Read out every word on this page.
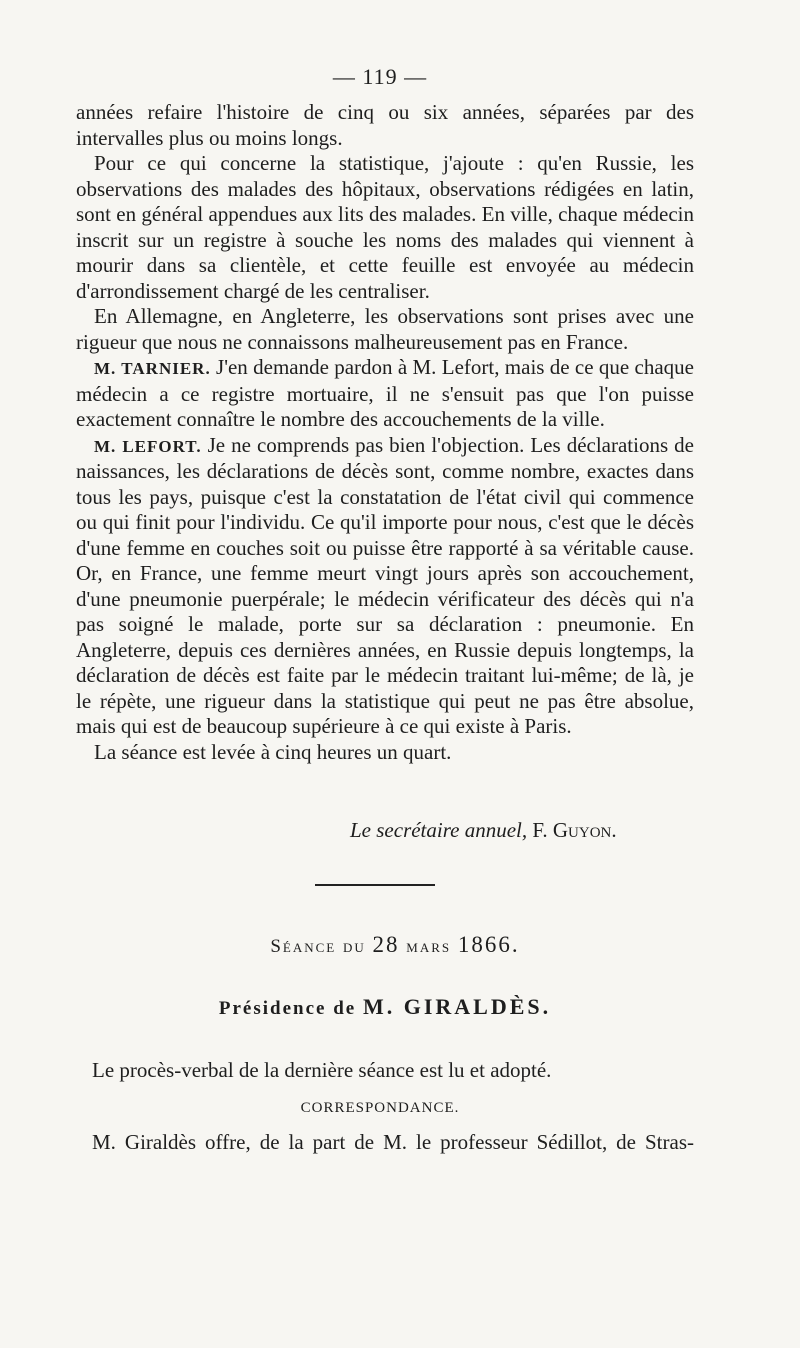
— 119 —

années refaire l'histoire de cinq ou six années, séparées par des intervalles plus ou moins longs.

Pour ce qui concerne la statistique, j'ajoute : qu'en Russie, les observations des malades des hôpitaux, observations rédigées en latin, sont en général appendues aux lits des malades. En ville, chaque médecin inscrit sur un registre à souche les noms des malades qui viennent à mourir dans sa clientèle, et cette feuille est envoyée au médecin d'arrondissement chargé de les centraliser.

En Allemagne, en Angleterre, les observations sont prises avec une rigueur que nous ne connaissons malheureusement pas en France.

M. TARNIER. J'en demande pardon à M. Lefort, mais de ce que chaque médecin a ce registre mortuaire, il ne s'ensuit pas que l'on puisse exactement connaître le nombre des accouchements de la ville.

M. LEFORT. Je ne comprends pas bien l'objection. Les déclarations de naissances, les déclarations de décès sont, comme nombre, exactes dans tous les pays, puisque c'est la constatation de l'état civil qui commence ou qui finit pour l'individu. Ce qu'il importe pour nous, c'est que le décès d'une femme en couches soit ou puisse être rapporté à sa véritable cause. Or, en France, une femme meurt vingt jours après son accouchement, d'une pneumonie puerpérale; le médecin vérificateur des décès qui n'a pas soigné le malade, porte sur sa déclaration : pneumonie. En Angleterre, depuis ces dernières années, en Russie depuis longtemps, la déclaration de décès est faite par le médecin traitant lui-même; de là, je le répète, une rigueur dans la statistique qui peut ne pas être absolue, mais qui est de beaucoup supérieure à ce qui existe à Paris.

La séance est levée à cinq heures un quart.

Le secrétaire annuel, F. Guyon.
Séance du 28 mars 1866.
Présidence de M. GIRALDÈS.
Le procès-verbal de la dernière séance est lu et adopté.
CORRESPONDANCE.
M. Giraldès offre, de la part de M. le professeur Sédillot, de Stras-
